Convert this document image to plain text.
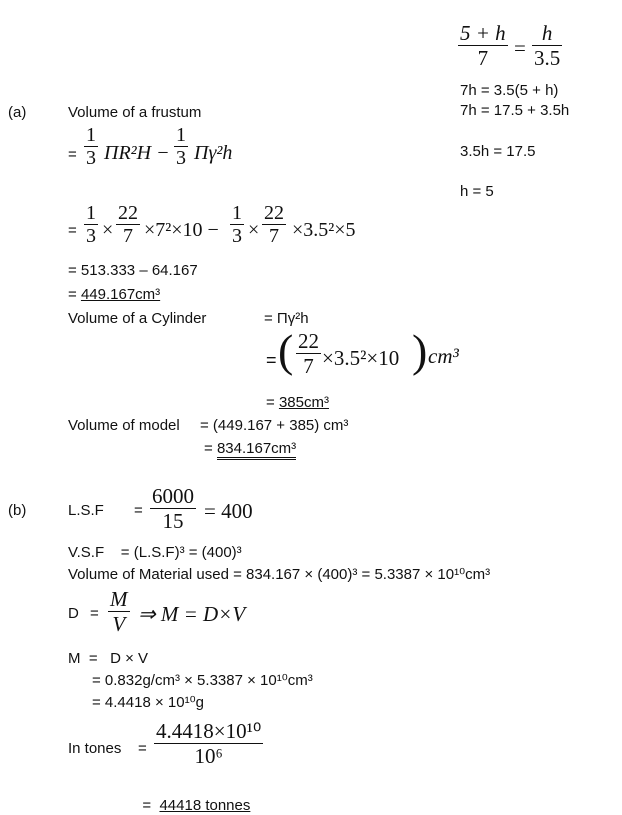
$\frac{5 + h}{7} = \frac{h}{3.5}$
7h = 3.5(5 + h)
7h = 17.5 + 3.5h
3.5h = 17.5
h = 5
(a)	Volume of a frustum
= $\frac{1}{3} \Pi R^2H - \frac{1}{3} \Pi\gamma^2h$
= $\frac{1}{3} \times \frac{22}{7} \times 7^2\times 10 - \frac{1}{3} \times \frac{22}{7} \times 3.5^2\times 5$
= 513.333 – 64.167
= 449.167cm³
Volume of a Cylinder	= Πγ²h
= ( $\frac{22}{7} \times 3.5^2\times 10$ ) cm³
= 385cm³
Volume of model = (449.167 + 385) cm³
= 834.167cm³
(b)	$L.S.F = \frac{6000}{15} = 400$
V.S.F    = (L.S.F)³ = (400)³
Volume of Material used = 834.167 × (400)³ = 5.3387 × 10¹⁰cm³
$D = \frac{M}{V}$ ⇒ M = D×V
M  =   D × V
= 0.832g/cm³ × 5.3387 × 10¹⁰cm³
= 4.4418 × 10¹⁰g
In tones = $\frac{\text{4.4418×10¹⁰}}{\text{10⁶}}$

=  44418 tonnes
